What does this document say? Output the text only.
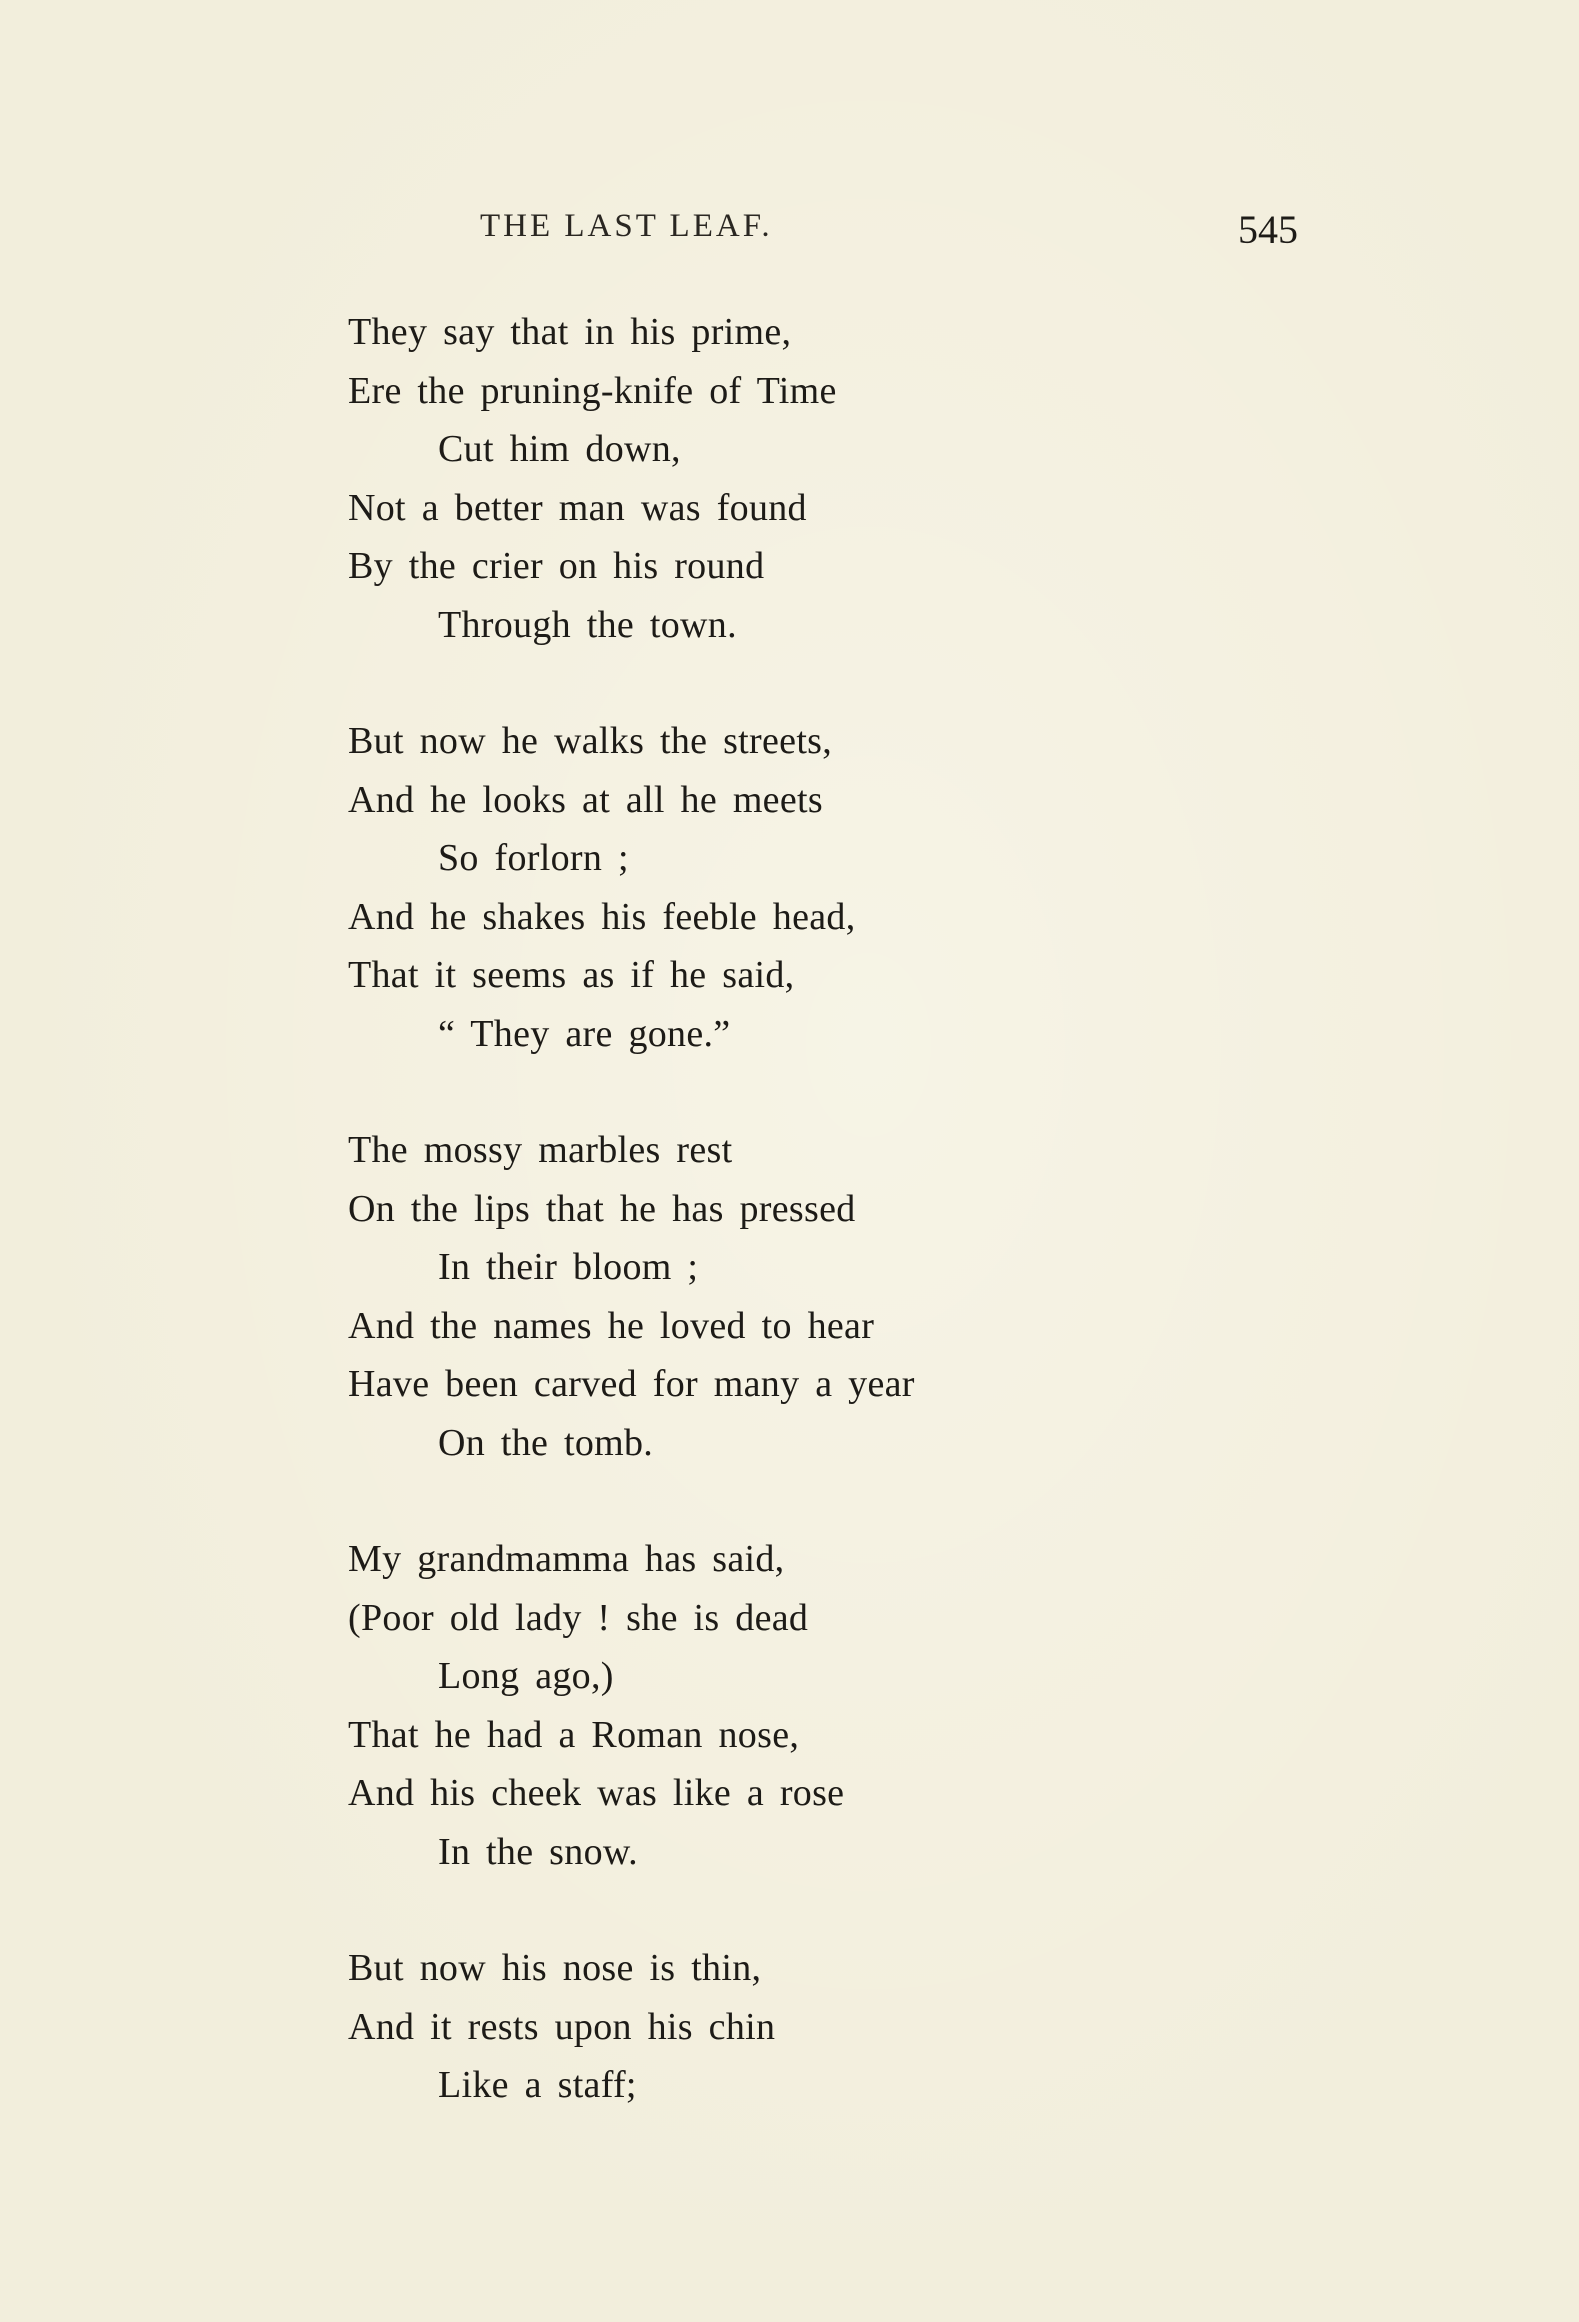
THE LAST LEAF.	545
They say that in his prime,
Ere the pruning-knife of Time
Cut him down,
Not a better man was found
By the crier on his round
Through the town.
But now he walks the streets,
And he looks at all he meets
So forlorn ;
And he shakes his feeble head,
That it seems as if he said,
“ They are gone.”
The mossy marbles rest
On the lips that he has pressed
In their bloom ;
And the names he loved to hear
Have been carved for many a year
On the tomb.
My grandmamma has said,
(Poor old lady ! she is dead
Long ago,)
That he had a Roman nose,
And his cheek was like a rose
In the snow.
But now his nose is thin,
And it rests upon his chin
Like a staff;
